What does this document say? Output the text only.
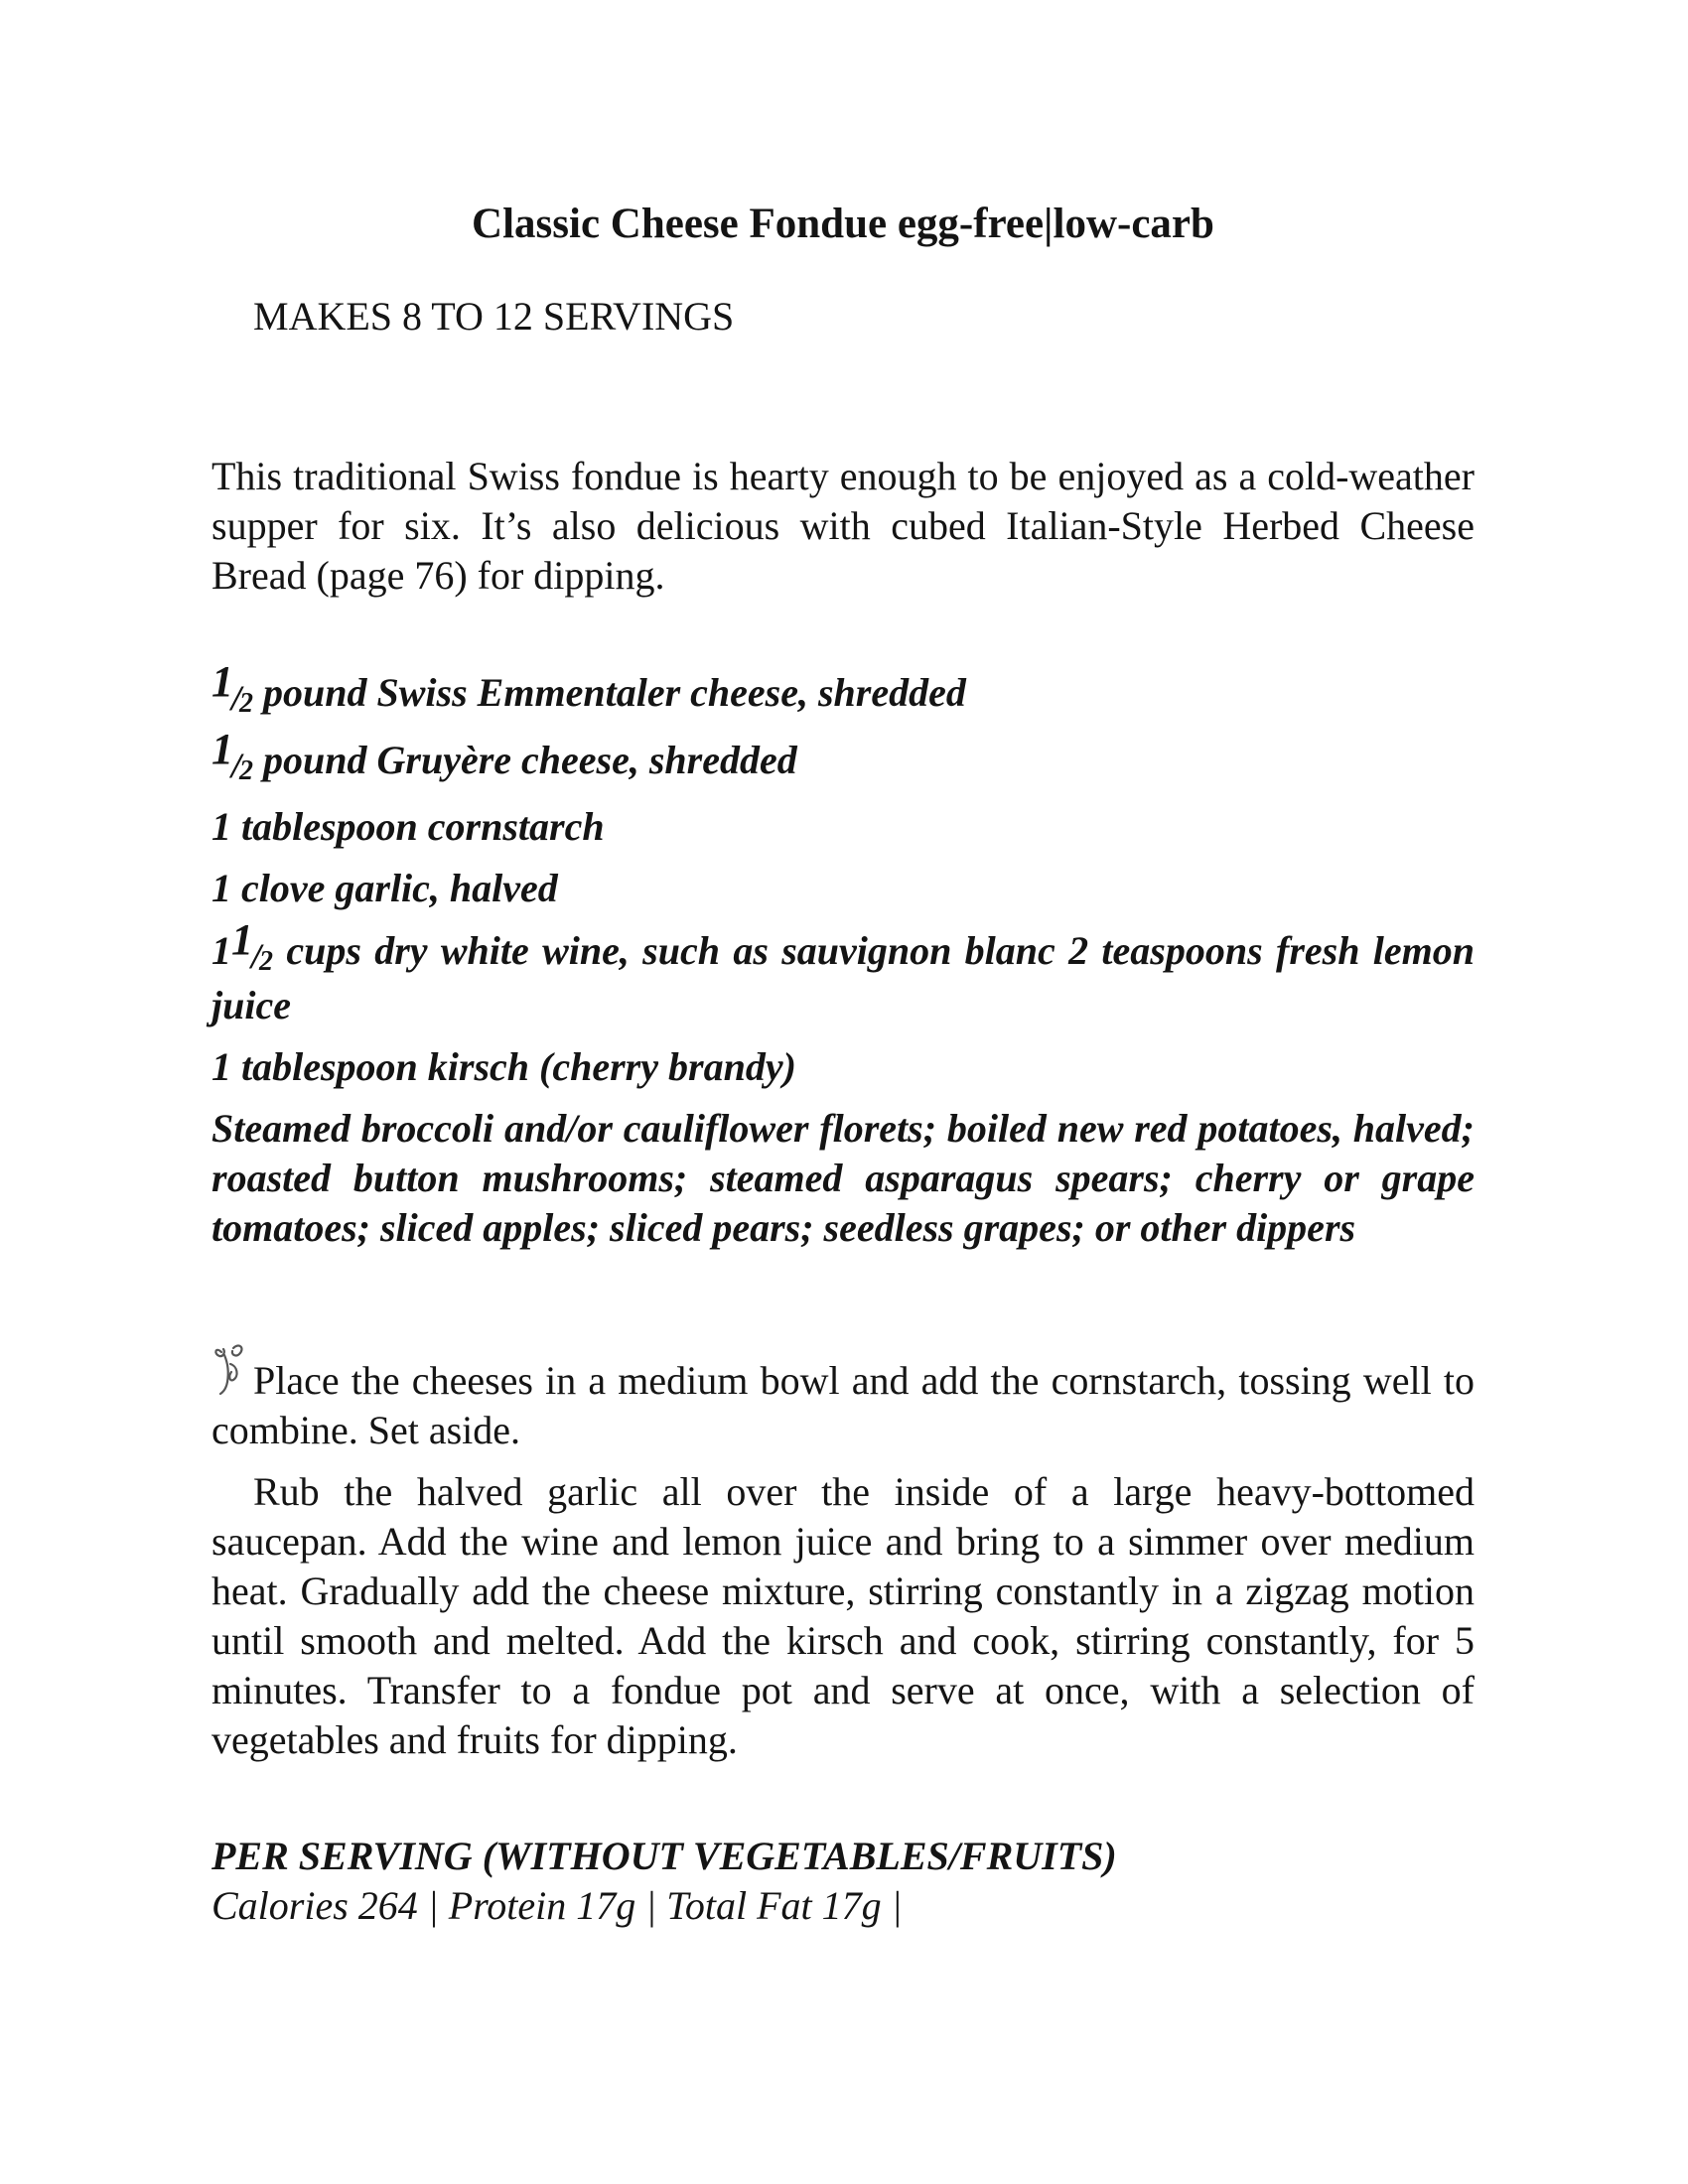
Classic Cheese Fondue egg-free|low-carb

MAKES 8 TO 12 SERVINGS

This traditional Swiss fondue is hearty enough to be enjoyed as a cold-weather supper for six. It’s also delicious with cubed Italian-Style Herbed Cheese Bread (page 76) for dipping.

1/2 pound Swiss Emmentaler cheese, shredded
1/2 pound Gruyère cheese, shredded
1 tablespoon cornstarch
1 clove garlic, halved
11/2 cups dry white wine, such as sauvignon blanc 2 teaspoons fresh lemon juice
1 tablespoon kirsch (cherry brandy)
Steamed broccoli and/or cauliflower florets; boiled new red potatoes, halved; roasted button mushrooms; steamed asparagus spears; cherry or grape tomatoes; sliced apples; sliced pears; seedless grapes; or other dippers

Place the cheeses in a medium bowl and add the cornstarch, tossing well to combine. Set aside.

Rub the halved garlic all over the inside of a large heavy-bottomed saucepan. Add the wine and lemon juice and bring to a simmer over medium heat. Gradually add the cheese mixture, stirring constantly in a zigzag motion until smooth and melted. Add the kirsch and cook, stirring constantly, for 5 minutes. Transfer to a fondue pot and serve at once, with a selection of vegetables and fruits for dipping.

PER SERVING (WITHOUT VEGETABLES/FRUITS)

Calories 264 | Protein 17g | Total Fat 17g |
